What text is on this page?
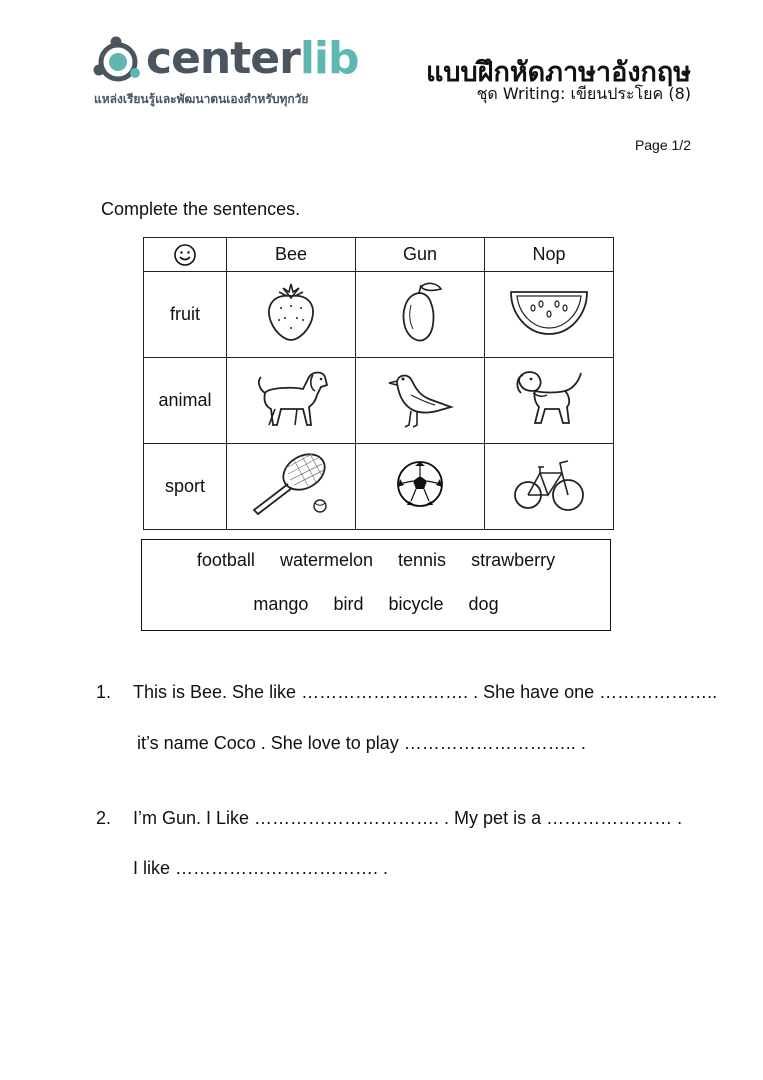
centerlib
แหล่งเรียนรู้และพัฒนาตนเองสำหรับทุกวัย
แบบฝึกหัดภาษาอังกฤษ
ชุด Writing: เขียนประโยค (8)
Page 1/2
Complete the sentences.
	Bee	Gun	Nop
fruit			
animal			
sport			
football watermelon tennis strawberry
mango bird bicycle dog
1. This is Bee. She like ………………………. . She have one ………………..
it’s name Coco . She love to play ……………………….. .
2. I’m Gun. I Like …………………………. . My pet is a ………………… .
I like ……………………………. .
